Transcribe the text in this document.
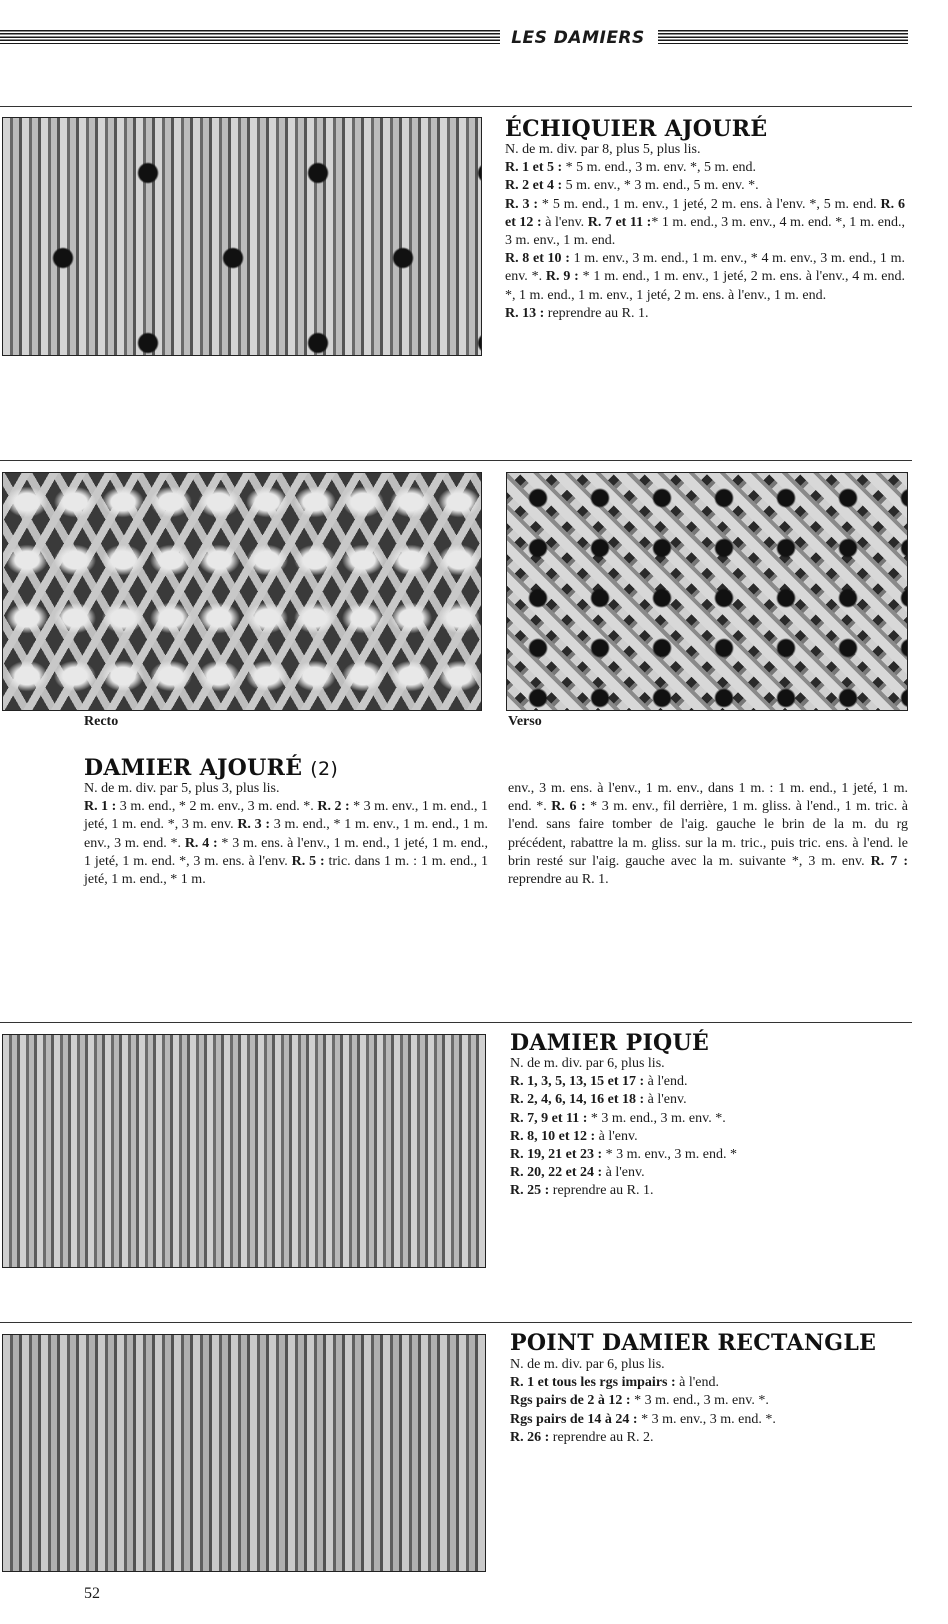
LES DAMIERS
ÉCHIQUIER AJOURÉ

N. de m. div. par 8, plus 5, plus lis.

R. 1 et 5 : * 5 m. end., 3 m. env. *, 5 m. end.

R. 2 et 4 : 5 m. env., * 3 m. end., 5 m. env. *.

R. 3 : * 5 m. end., 1 m. env., 1 jeté, 2 m. ens. à l'env. *, 5 m. end. R. 6 et 12 : à l'env. R. 7 et 11 :* 1 m. end., 3 m. env., 4 m. end. *, 1 m. end., 3 m. env., 1 m. end.

R. 8 et 10 : 1 m. env., 3 m. end., 1 m. env., * 4 m. env., 3 m. end., 1 m. env. *. R. 9 : * 1 m. end., 1 m. env., 1 jeté, 2 m. ens. à l'env., 4 m. end. *, 1 m. end., 1 m. env., 1 jeté, 2 m. ens. à l'env., 1 m. end.

R. 13 : reprendre au R. 1.

Recto	Verso
DAMIER AJOURÉ (2)

N. de m. div. par 5, plus 3, plus lis.

R. 1 : 3 m. end., * 2 m. env., 3 m. end. *. R. 2 : * 3 m. env., 1 m. end., 1 jeté, 1 m. end. *, 3 m. env. R. 3 : 3 m. end., * 1 m. env., 1 m. end., 1 m. env., 3 m. end. *. R. 4 : * 3 m. ens. à l'env., 1 m. end., 1 jeté, 1 m. end., 1 jeté, 1 m. end. *, 3 m. ens. à l'env. R. 5 : tric. dans 1 m. : 1 m. end., 1 jeté, 1 m. end., * 1 m.

env., 3 m. ens. à l'env., 1 m. env., dans 1 m. : 1 m. end., 1 jeté, 1 m. end. *. R. 6 : * 3 m. env., fil derrière, 1 m. gliss. à l'end., 1 m. tric. à l'end. sans faire tomber de l'aig. gauche le brin de la m. du rg précédent, rabattre la m. gliss. sur la m. tric., puis tric. ens. à l'end. le brin resté sur l'aig. gauche avec la m. suivante *, 3 m. env. R. 7 : reprendre au R. 1.

DAMIER PIQUÉ

N. de m. div. par 6, plus lis.

R. 1, 3, 5, 13, 15 et 17 : à l'end.

R. 2, 4, 6, 14, 16 et 18 : à l'env.

R. 7, 9 et 11 : * 3 m. end., 3 m. env. *.

R. 8, 10 et 12 : à l'env.

R. 19, 21 et 23 : * 3 m. env., 3 m. end. *

R. 20, 22 et 24 : à l'env.

R. 25 : reprendre au R. 1.

POINT DAMIER RECTANGLE

N. de m. div. par 6, plus lis.

R. 1 et tous les rgs impairs : à l'end.

Rgs pairs de 2 à 12 : * 3 m. end., 3 m. env. *.

Rgs pairs de 14 à 24 : * 3 m. env., 3 m. end. *.

R. 26 : reprendre au R. 2.

52
